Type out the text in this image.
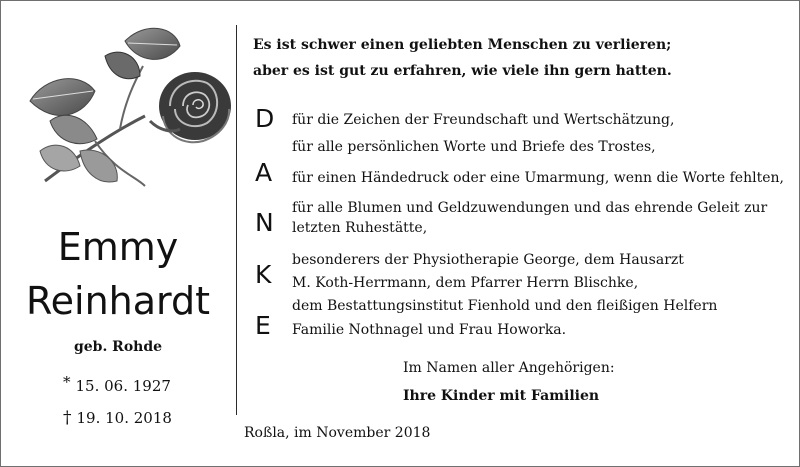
Emmy
Reinhardt
geb. Rohde
* 15. 06. 1927
† 19. 10. 2018
Es ist schwer einen geliebten Menschen zu verlieren;
aber es ist gut zu erfahren, wie viele ihn gern hatten.
D
A
N
K
E
für die Zeichen der Freundschaft und Wertschätzung,
für alle persönlichen Worte und Briefe des Trostes,
für einen Händedruck oder eine Umarmung, wenn die Worte fehlten,
für alle Blumen und Geldzuwendungen und das ehrende Geleit zur
letzten Ruhestätte,
besonderers der Physiotherapie George, dem Hausarzt
M. Koth-Herrmann, dem Pfarrer Herrn Blischke,
dem Bestattungsinstitut Fienhold und den fleißigen Helfern
Familie Nothnagel und Frau Howorka.
Im Namen aller Angehörigen:
Ihre Kinder mit Familien
Roßla, im November 2018
